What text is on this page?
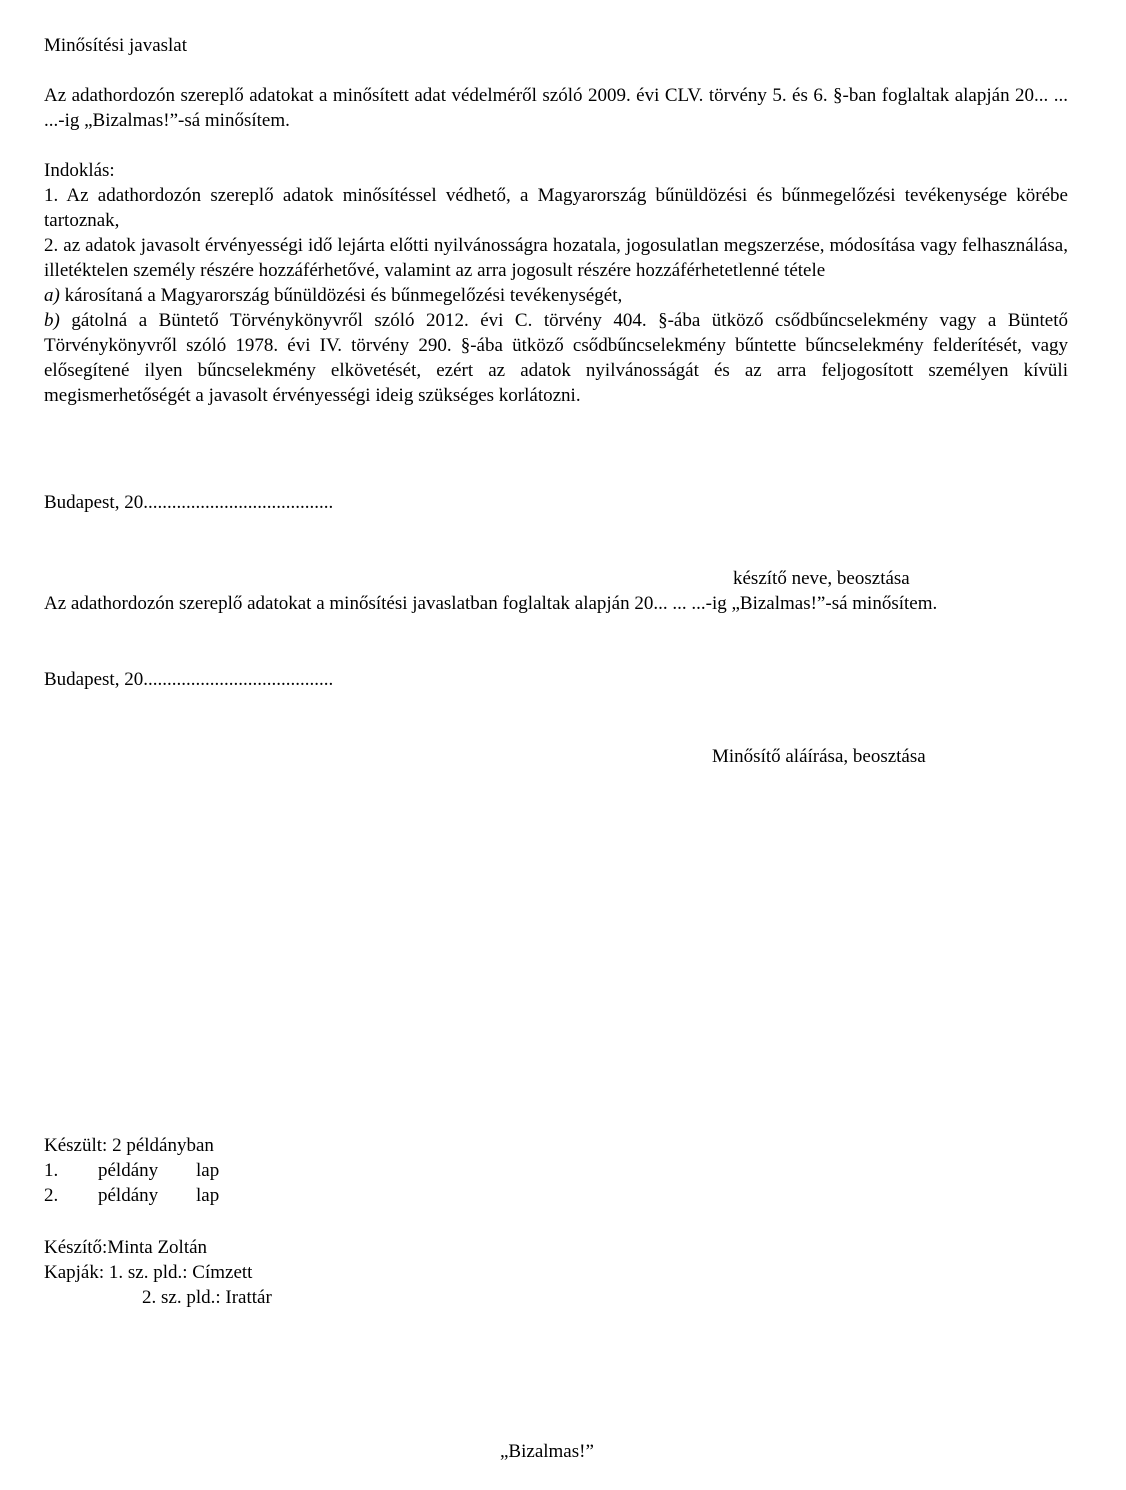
Minősítési javaslat

Az adathordozón szereplő adatokat a minősített adat védelméről szóló 2009. évi CLV. törvény 5. és 6. §-ban foglaltak alapján 20... ... ...-ig „Bizalmas!”-sá minősítem.

Indoklás:

1. Az adathordozón szereplő adatok minősítéssel védhető, a Magyarország bűnüldözési és bűnmegelőzési tevékenysége körébe tartoznak,

2. az adatok javasolt érvényességi idő lejárta előtti nyilvánosságra hozatala, jogosulatlan megszerzése, módosítása vagy felhasználása, illetéktelen személy részére hozzáférhetővé, valamint az arra jogosult részére hozzáférhetetlenné tétele

a) károsítaná a Magyarország bűnüldözési és bűnmegelőzési tevékenységét,

b) gátolná a Büntető Törvénykönyvről szóló 2012. évi C. törvény 404. §-ába ütköző csődbűncselekmény vagy a Büntető Törvénykönyvről szóló 1978. évi IV. törvény 290. §-ába ütköző csődbűncselekmény bűntette bűncselekmény felderítését, vagy elősegítené ilyen bűncselekmény elkövetését, ezért az adatok nyilvánosságát és az arra feljogosított személyen kívüli megismerhetőségét a javasolt érvényességi ideig szükséges korlátozni.

Budapest, 20........................................
készítő neve, beosztása

Az adathordozón szereplő adatokat a minősítési javaslatban foglaltak alapján 20... ... ...-ig „Bizalmas!”-sá minősítem.

Budapest, 20........................................
Minősítő aláírása, beosztása
Készült: 2 példányban
1. példány lap
2. példány lap
Készítő:Minta Zoltán
Kapják: 1. sz. pld.: Címzett
2. sz. pld.: Irattár
„Bizalmas!”
